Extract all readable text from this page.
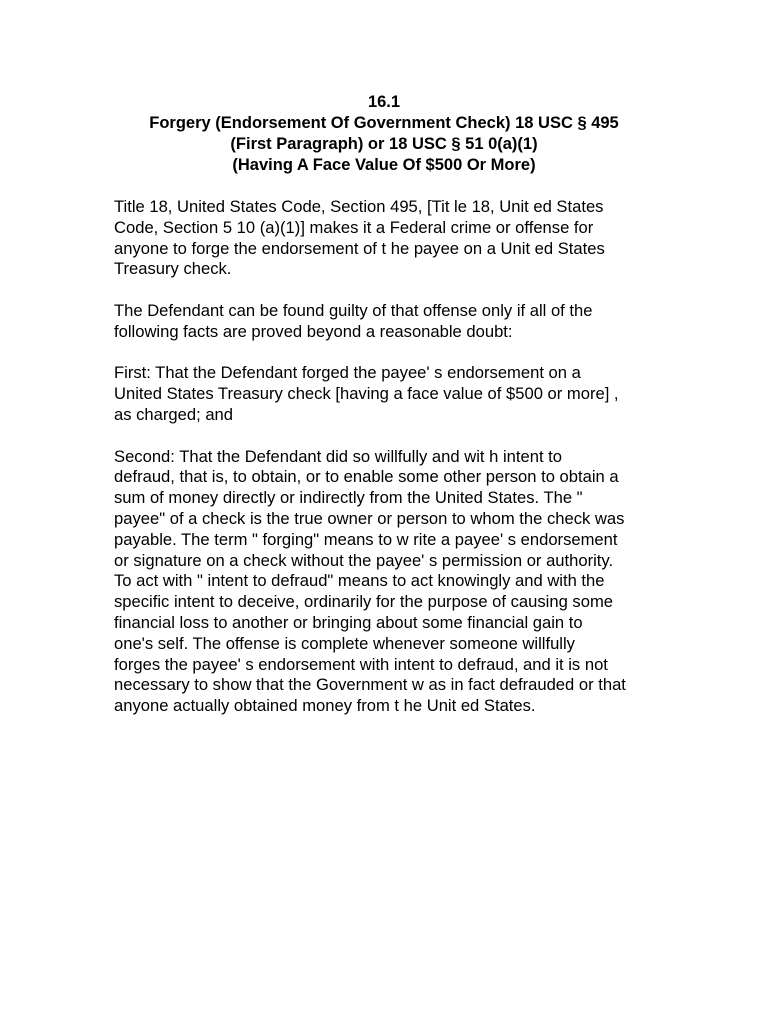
16.1
Forgery (Endorsement Of Government Check) 18 USC § 495
(First Paragraph) or 18 USC § 51 0(a)(1)
(Having A Face Value Of $500 Or More)
Title 18, United States Code, Section 495, [Tit le 18, Unit ed States
Code, Section 5 10 (a)(1)] makes it a Federal crime or offense for
anyone to forge the endorsement of t he payee on a Unit ed States
Treasury check.
The Defendant can be found guilty of that offense only if all of the
following facts are proved beyond a reasonable doubt:
First: That the Defendant forged the payee' s endorsement on a
United States Treasury check [having a face value of $500 or more] ,
as charged; and
Second: That the Defendant did so willfully and wit h intent to
defraud, that is, to obtain, or to enable some other person to obtain a
sum of money directly or indirectly from the United States. The "
payee" of a check is the true owner or person to whom the check was
payable. The term " forging" means to w rite a payee' s endorsement
or signature on a check without the payee' s permission or authority.
To act with " intent to defraud" means to act knowingly and with the
specific intent to deceive, ordinarily for the purpose of causing some
financial loss to another or bringing about some financial gain to
one's self. The offense is complete whenever someone willfully
forges the payee' s endorsement with intent to defraud, and it is not
necessary to show that the Government w as in fact defrauded or that
anyone actually obtained money from t he Unit ed States.
